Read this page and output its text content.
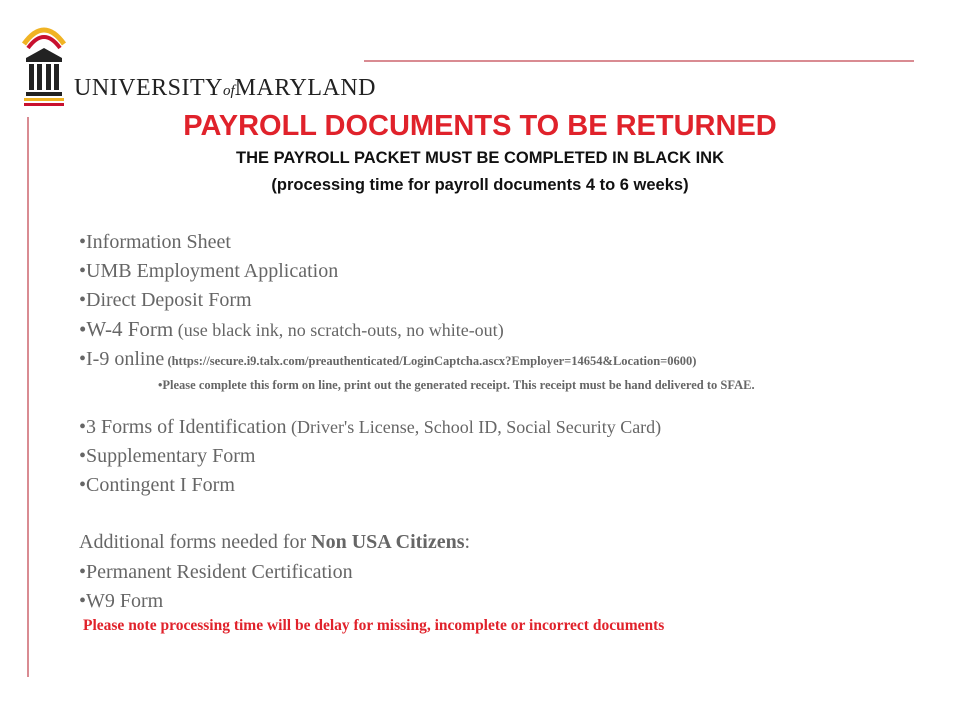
UNIVERSITYofMARYLAND
PAYROLL DOCUMENTS TO BE RETURNED
THE PAYROLL PACKET MUST BE COMPLETED IN BLACK INK
(processing time for payroll documents 4 to 6 weeks)
•Information Sheet
•UMB Employment Application
•Direct Deposit Form
•W-4 Form (use black ink, no scratch-outs, no white-out)
•I-9 online (https://secure.i9.talx.com/preauthenticated/LoginCaptcha.ascx?Employer=14654&Location=0600)
•Please complete this form on line, print out the generated receipt. This receipt must be hand delivered to SFAE.
•3 Forms of Identification (Driver's License, School ID, Social Security Card)
•Supplementary Form
•Contingent I Form
Additional forms needed for Non USA Citizens:
•Permanent Resident Certification
•W9 Form
Please note processing time will be delay for missing, incomplete or incorrect documents
